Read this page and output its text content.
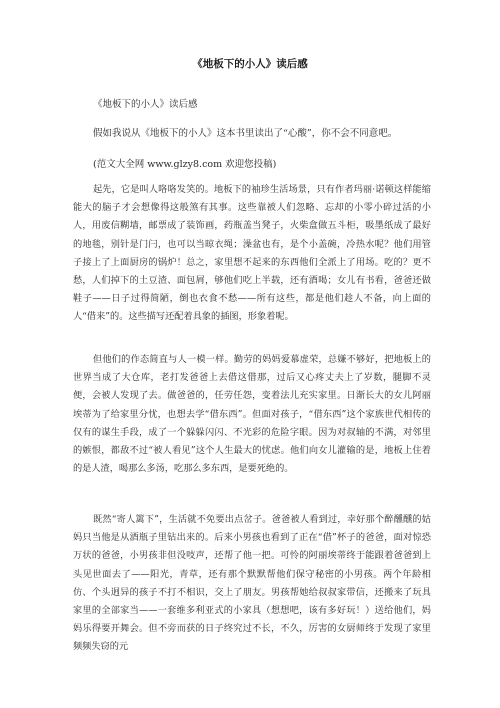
《地板下的小人》读后感
《地板下的小人》读后感
假如我说从《地板下的小人》这本书里读出了“心酸”，你不会不同意吧。
(范文大全网 www.glzy8.com 欢迎您投稿)

起先，它是叫人咯咯发笑的。地板下的袖珍生活场景，只有作者玛丽·诺顿这样能缩能大的脑子才会想像得这般煞有其事。这些靠被人们忽略、忘却的小零小碎过活的小人，用废信糊墙，邮票成了装饰画，药瓶盖当凳子，火柴盒做五斗柜，吸墨纸成了最好的地毯，别针是门闩，也可以当晾衣绳；澡盆也有，是个小盖碗，冷热水呢？他们用管子接上了上面厨房的锅炉！总之，家里想不起来的东西他们全派上了用场。吃的？更不愁，人们掉下的土豆渣、面包屑，够他们吃上半载，还有酒喝；女儿有书看，爸爸还做鞋子——日子过得简陋，倒也衣食不愁——所有这些，都是他们趁人不备，向上面的人“借来”的。这些描写还配着具象的插图，形象着呢。

但他们的作态简直与人一模一样。勤劳的妈妈爱慕虚荣，总嫌不够好，把地板上的世界当成了大仓库，老打发爸爸上去借这借那，过后又心疼丈夫上了岁数，腿脚不灵便，会被人发现了去。做爸爸的，任劳任怨，变着法儿充实家里。日渐长大的女儿阿丽埃蒂为了给家里分忧，也想去学“借东西”。但面对孩子，“借东西”这个家族世代相传的仅有的谋生手段，成了一个躲躲闪闪、不光彩的危险字眼。因为对叔轴的不满，对邻里的嫉恨，都敌不过“被人看见”这个人生最大的忧虑。他们向女儿灌输的是，地板上住着的是人渣，喝那么多汤，吃那么多东西，是要死绝的。

既然“寄人篱下”，生活就不免要出点岔子。爸爸被人看到过，幸好那个醉醺醺的姑妈只当他是从酒瓶子里钻出来的。后来小男孩也看到了正在“借”杯子的爸爸，面对惊恐万状的爸爸，小男孩非但没吱声，还帮了他一把。可怜的阿丽埃蒂终于能跟着爸爸到上头见世面去了——阳光，青草，还有那个默默帮他们保守秘密的小男孩。两个年龄相仿、个头迥异的孩子不打不相识，交上了朋友。男孩帮她给叔叔家带信，还搬来了玩具家里的全部家当——一套维多利亚式的小家具（想想吧，该有多好玩！）送给他们，妈妈乐得要开舞会。但不旁而获的日子终究过不长，不久，厉害的女厨师终于发现了家里频频失窃的元
